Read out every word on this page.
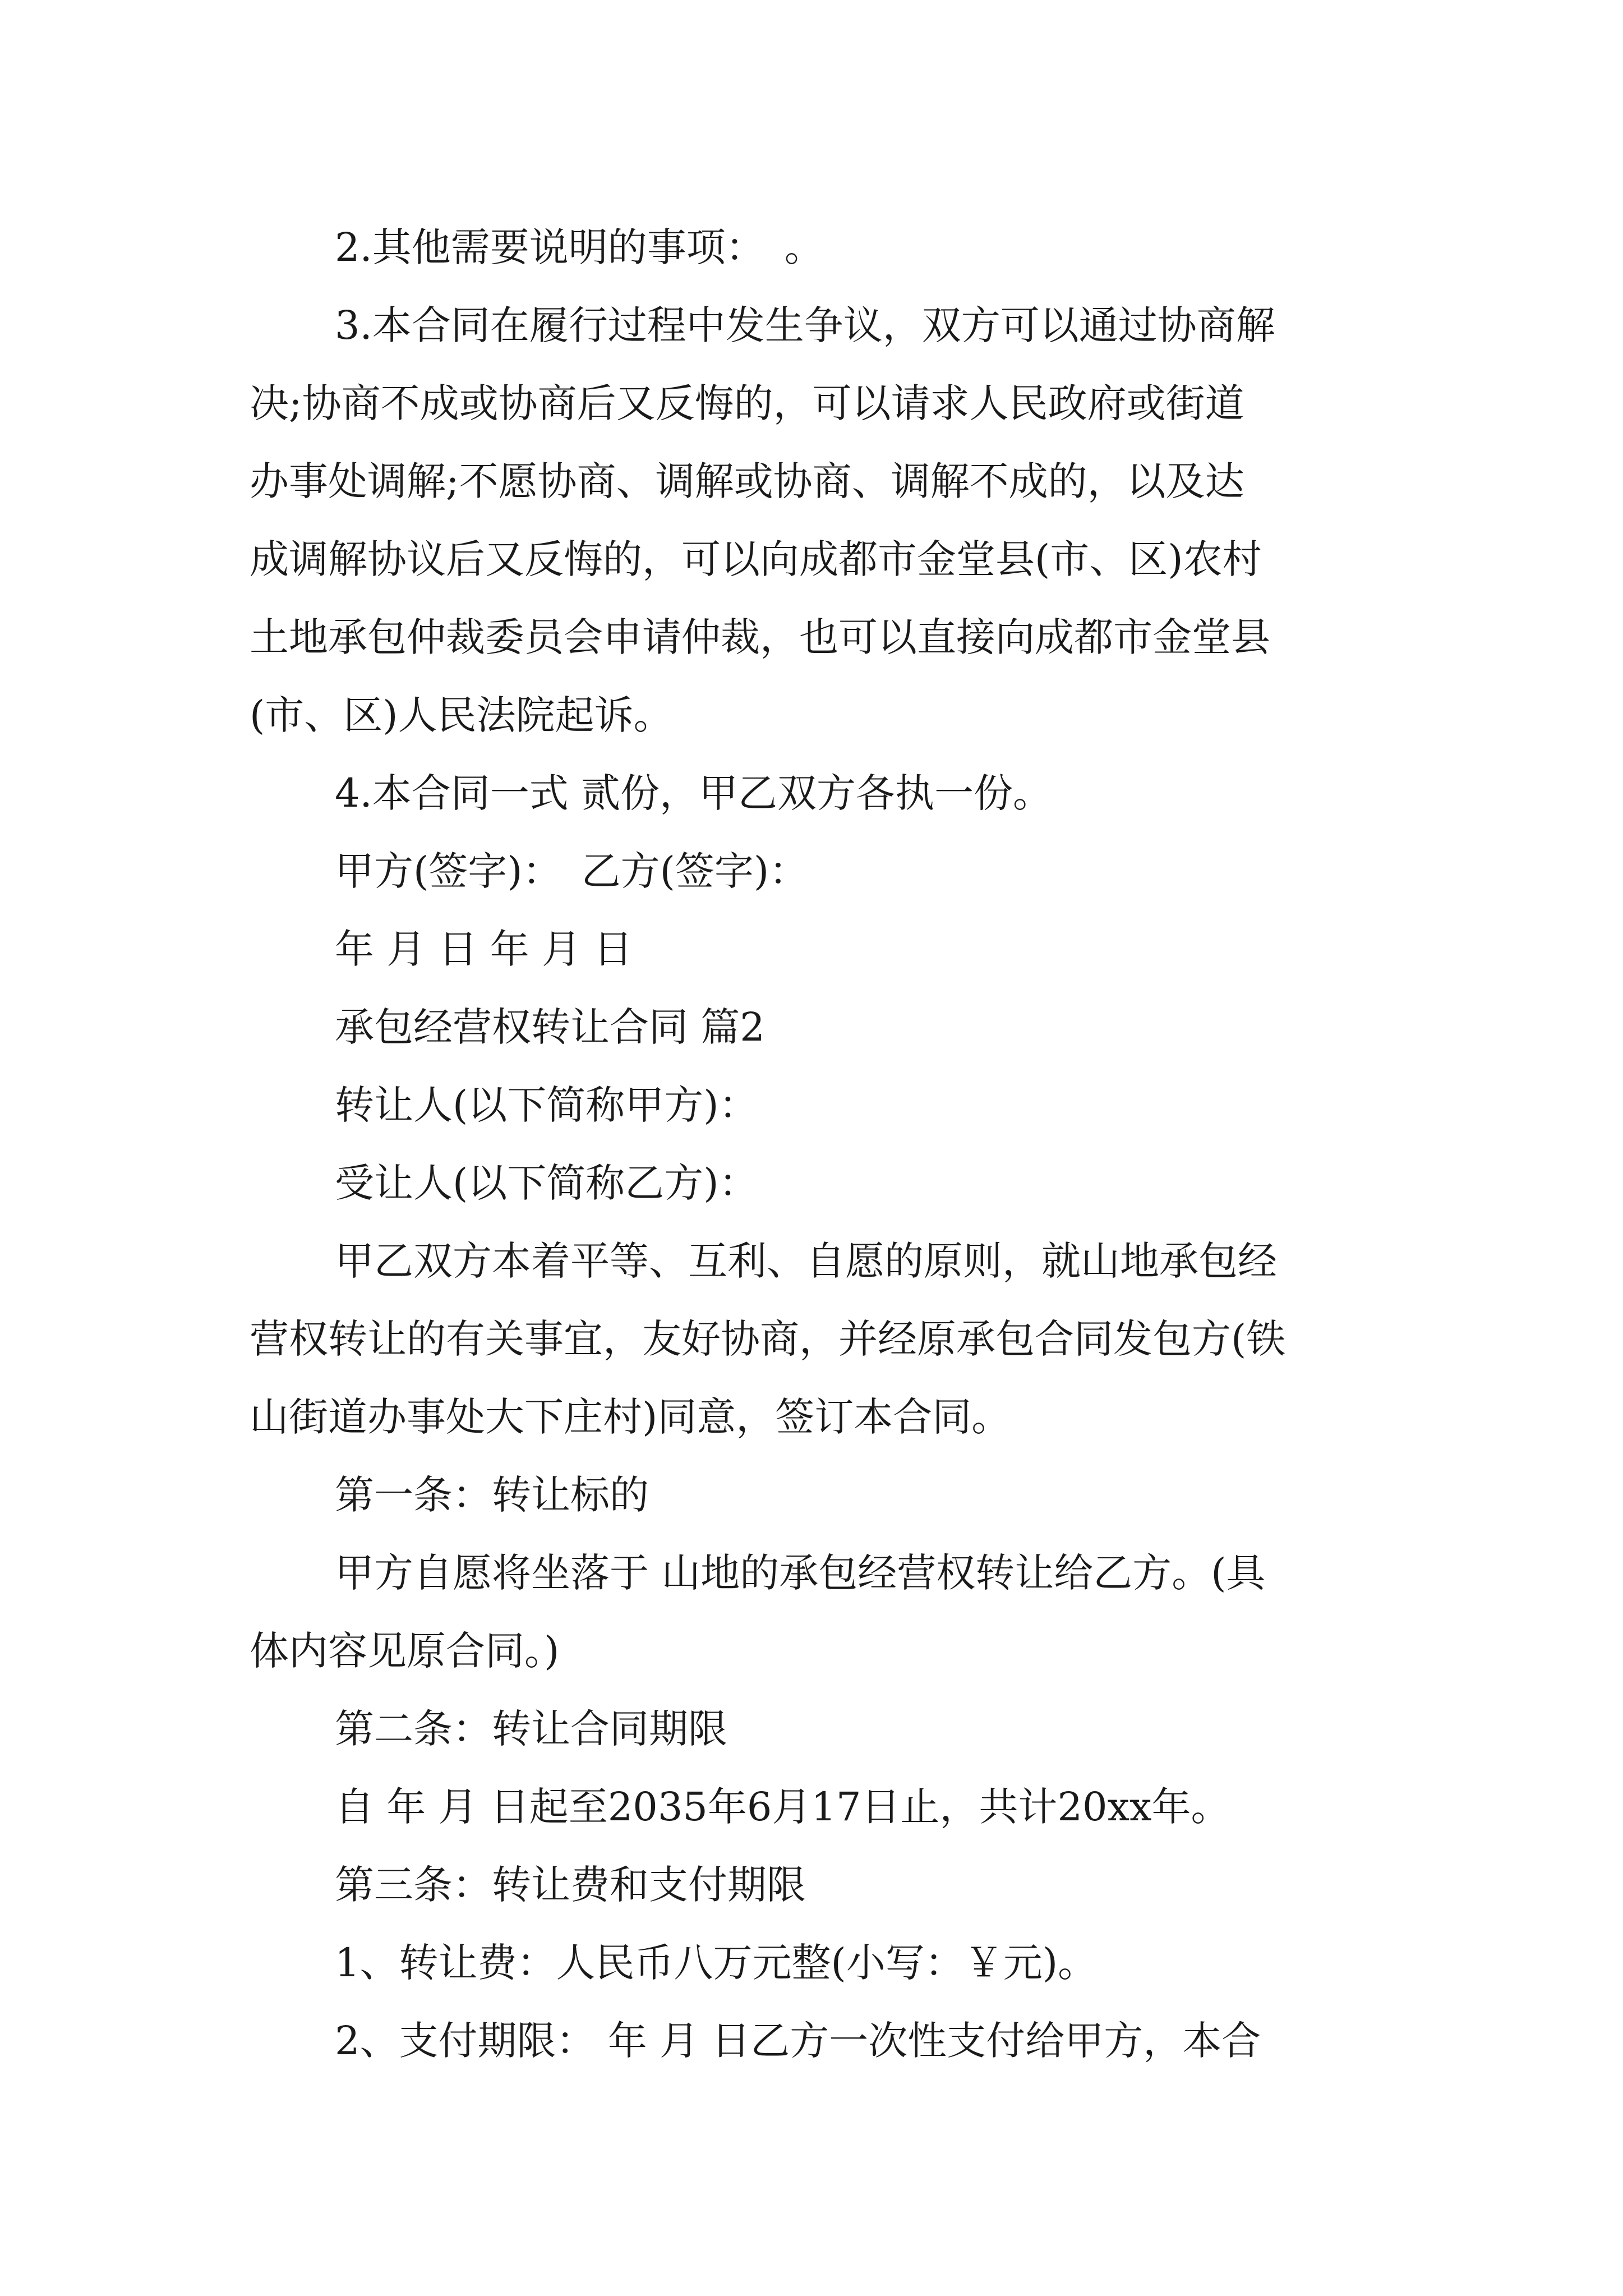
2.其他需要说明的事项：　。
3.本合同在履行过程中发生争议，双方可以通过协商解
决;协商不成或协商后又反悔的，可以请求人民政府或街道
办事处调解;不愿协商、调解或协商、调解不成的，以及达
成调解协议后又反悔的，可以向成都市金堂县(市、区)农村
土地承包仲裁委员会申请仲裁，也可以直接向成都市金堂县
(市、区)人民法院起诉。
4.本合同一式 贰份，甲乙双方各执一份。
甲方(签字)：　乙方(签字)：
年 月 日 年 月 日
承包经营权转让合同 篇2
转让人(以下简称甲方)：
受让人(以下简称乙方)：
甲乙双方本着平等、互利、自愿的原则，就山地承包经
营权转让的有关事宜，友好协商，并经原承包合同发包方(铁
山街道办事处大下庄村)同意，签订本合同。
第一条：转让标的
甲方自愿将坐落于 山地的承包经营权转让给乙方。(具
体内容见原合同。)
第二条：转让合同期限
自 年 月 日起至2035年6月17日止，共计20xx年。
第三条：转让费和支付期限
1、转让费：人民币八万元整(小写：￥元)。
2、支付期限： 年 月 日乙方一次性支付给甲方，本合
